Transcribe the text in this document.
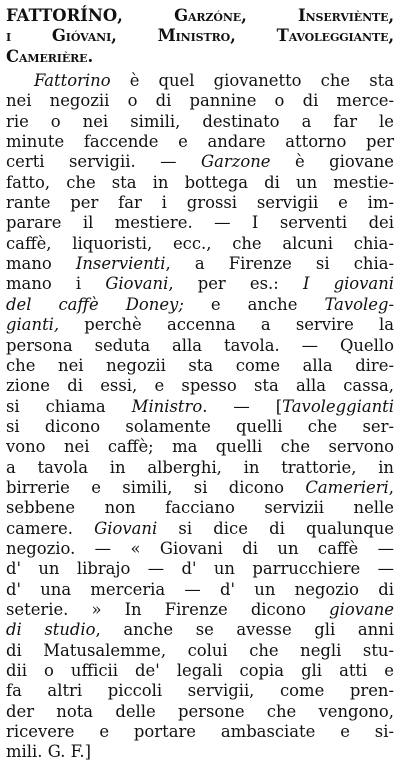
FATTORÍNO, Garzóne, Inserviènte,
i Gióvani, Ministro, Tavoleggiante,
Camerière.
Fattorino è quel giovanetto che sta
nei negozii o di pannine o di merce-
rie o nei simili, destinato a far le
minute faccende e andare attorno per
certi servigii. — Garzone è giovane
fatto, che sta in bottega di un mestie-
rante per far i grossi servigii e im-
parare il mestiere. — I serventi dei
caffè, liquoristi, ecc., che alcuni chia-
mano Inservienti, a Firenze si chia-
mano i Giovani, per es.: I giovani
del caffè Doney; e anche Tavoleg-
gianti, perchè accenna a servire la
persona seduta alla tavola. — Quello
che nei negozii sta come alla dire-
zione di essi, e spesso sta alla cassa,
si chiama Ministro. — [Tavoleggianti
si dicono solamente quelli che ser-
vono nei caffè; ma quelli che servono
a tavola in alberghi, in trattorie, in
birrerie e simili, si dicono Camerieri,
sebbene non facciano servizii nelle
camere. Giovani si dice di qualunque
negozio. — « Giovani di un caffè —
d' un librajo — d' un parrucchiere —
d' una merceria — d' un negozio di
seterie. » In Firenze dicono giovane
di studio, anche se avesse gli anni
di Matusalemme, colui che negli stu-
dii o ufficii de' legali copia gli atti e
fa altri piccoli servigii, come pren-
der nota delle persone che vengono,
ricevere e portare ambasciate e si-
mili. G. F.]
